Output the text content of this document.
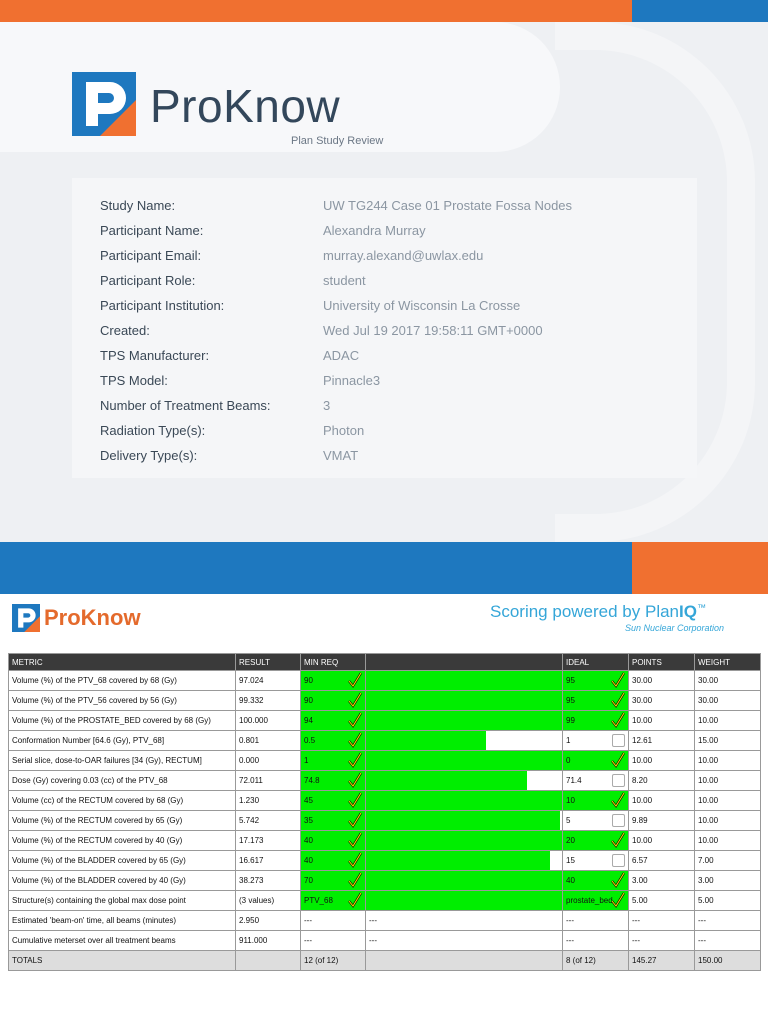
ProKnow
Plan Study Review
Study Name:	UW TG244 Case 01 Prostate Fossa Nodes
Participant Name:	Alexandra Murray
Participant Email:	murray.alexand@uwlax.edu
Participant Role:	student
Participant Institution:	University of Wisconsin La Crosse
Created:	Wed Jul 19 2017 19:58:11 GMT+0000
TPS Manufacturer:	ADAC
TPS Model:	Pinnacle3
Number of Treatment Beams:	3
Radiation Type(s):	Photon
Delivery Type(s):	VMAT
ProKnow	Scoring powered by PlanIQ™
Sun Nuclear Corporation
METRIC	RESULT	MIN REQ		IDEAL	POINTS	WEIGHT
Volume (%) of the PTV_68 covered by 68 (Gy)	97.024	90		95	30.00	30.00
Volume (%) of the PTV_56 covered by 56 (Gy)	99.332	90		95	30.00	30.00
Volume (%) of the PROSTATE_BED covered by 68 (Gy)	100.000	94		99	10.00	10.00
Conformation Number [64.6 (Gy), PTV_68]	0.801	0.5		1	12.61	15.00
Serial slice, dose-to-OAR failures [34 (Gy), RECTUM]	0.000	1		0	10.00	10.00
Dose (Gy) covering 0.03 (cc) of the PTV_68	72.011	74.8		71.4	8.20	10.00
Volume (cc) of the RECTUM covered by 68 (Gy)	1.230	45		10	10.00	10.00
Volume (%) of the RECTUM covered by 65 (Gy)	5.742	35		5	9.89	10.00
Volume (%) of the RECTUM covered by 40 (Gy)	17.173	40		20	10.00	10.00
Volume (%) of the BLADDER covered by 65 (Gy)	16.617	40		15	6.57	7.00
Volume (%) of the BLADDER covered by 40 (Gy)	38.273	70		40	3.00	3.00
Structure(s) containing the global max dose point	(3 values)	PTV_68		prostate_bed	5.00	5.00
Estimated 'beam-on' time, all beams (minutes)	2.950	---	---	---	---	---
Cumulative meterset over all treatment beams	911.000	---	---	---	---	---
TOTALS		12 (of 12)		8 (of 12)	145.27	150.00
